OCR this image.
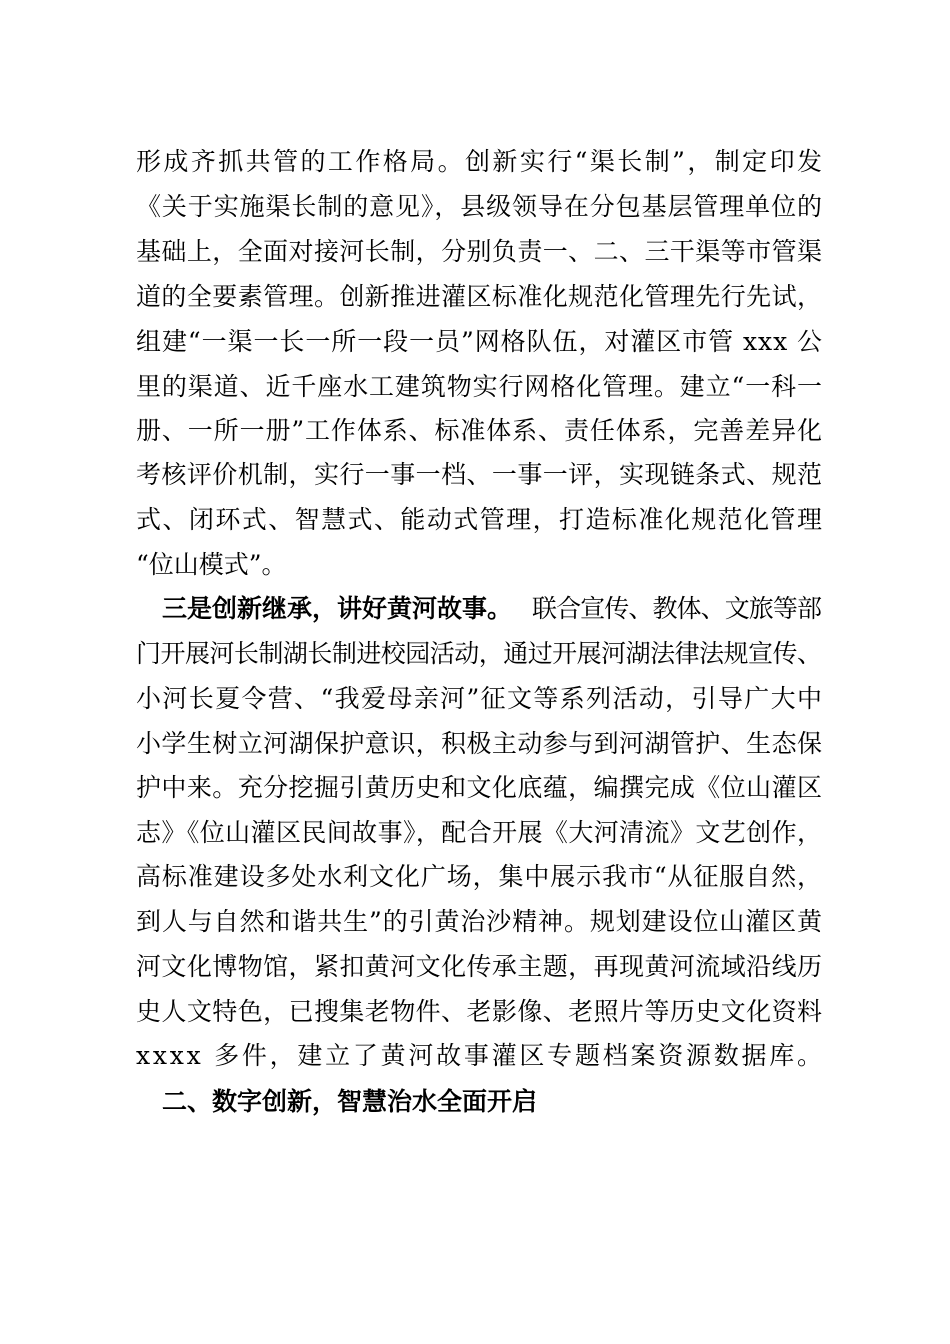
形成齐抓共管的工作格局。创新实行“渠长制”，制定印发
《关于实施渠长制的意见》，县级领导在分包基层管理单位的
基础上，全面对接河长制，分别负责一、二、三干渠等市管渠
道的全要素管理。创新推进灌区标准化规范化管理先行先试，
组建“一渠一长一所一段一员”网格队伍，对灌区市管 xxx 公
里的渠道、近千座水工建筑物实行网格化管理。建立“一科一
册、一所一册”工作体系、标准体系、责任体系，完善差异化
考核评价机制，实行一事一档、一事一评，实现链条式、规范
式、闭环式、智慧式、能动式管理，打造标准化规范化管理
“位山模式”。
三是创新继承，讲好黄河故事。 联合宣传、教体、文旅等部
门开展河长制湖长制进校园活动，通过开展河湖法律法规宣传、
小河长夏令营、“我爱母亲河”征文等系列活动，引导广大中
小学生树立河湖保护意识，积极主动参与到河湖管护、生态保
护中来。充分挖掘引黄历史和文化底蕴，编撰完成《位山灌区
志》《位山灌区民间故事》，配合开展《大河清流》文艺创作，
高标准建设多处水利文化广场，集中展示我市“从征服自然，
到人与自然和谐共生”的引黄治沙精神。规划建设位山灌区黄
河文化博物馆，紧扣黄河文化传承主题，再现黄河流域沿线历
史人文特色，已搜集老物件、老影像、老照片等历史文化资料
xxxx 多件，建立了黄河故事灌区专题档案资源数据库。
二、数字创新，智慧治水全面开启
